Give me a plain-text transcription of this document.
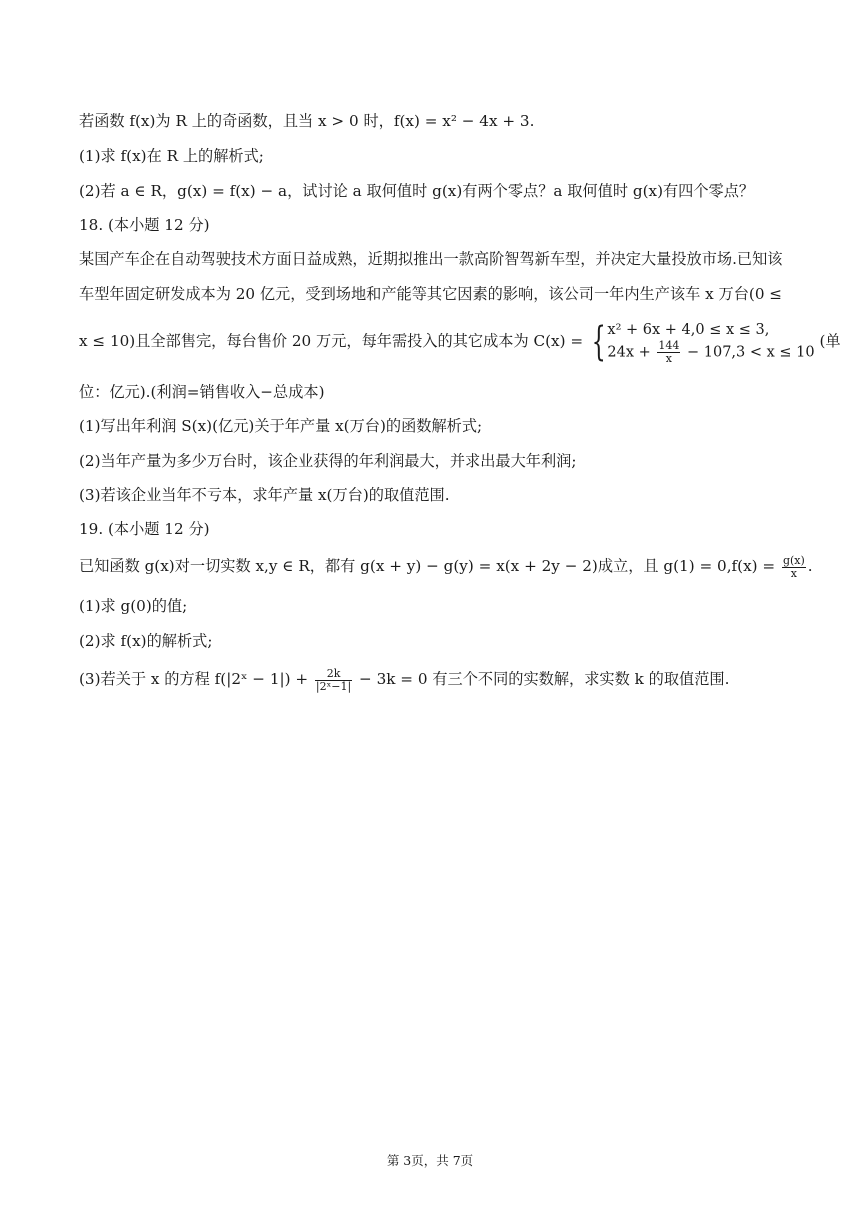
若函数 f(x)为 R 上的奇函数，且当 x > 0 时，f(x) = x² − 4x + 3.
(1)求 f(x)在 R 上的解析式;
(2)若 a ∈ R，g(x) = f(x) − a，试讨论 a 取何值时 g(x)有两个零点？a 取何值时 g(x)有四个零点？
18. (本小题 12 分)
某国产车企在自动驾驶技术方面日益成熟，近期拟推出一款高阶智驾新车型，并决定大量投放市场.已知该
车型年固定研发成本为 20 亿元，受到场地和产能等其它因素的影响，该公司一年内生产该车 x 万台(0 ≤
x ≤ 10)且全部售完，每台售价 20 万元，每年需投入的其它成本为 C(x) = { x² + 6x + 4,0 ≤ x ≤ 3,
$24x + \frac{144}{x} - 107,3 < x \le 10$
(单
位：亿元).(利润=销售收入−总成本)
(1)写出年利润 S(x)(亿元)关于年产量 x(万台)的函数解析式;
(2)当年产量为多少万台时，该企业获得的年利润最大，并求出最大年利润;
(3)若该企业当年不亏本，求年产量 x(万台)的取值范围.
19. (本小题 12 分)
已知函数 g(x)对一切实数 x,y ∈ R，都有 g(x + y) − g(y) = x(x + 2y − 2)成立，且 $g(1) = 0,f(x) = \frac{g(x)}{x}$ .
(1)求 g(0)的值;
(2)求 f(x)的解析式;
(3)若关于 x 的方程 f(|2ˣ − $1|) + \frac{2k}{\text{|2ˣ−1|}} - 3k = 0$ 有三个不同的实数解，求实数 k 的取值范围.
第 3页，共 7页
